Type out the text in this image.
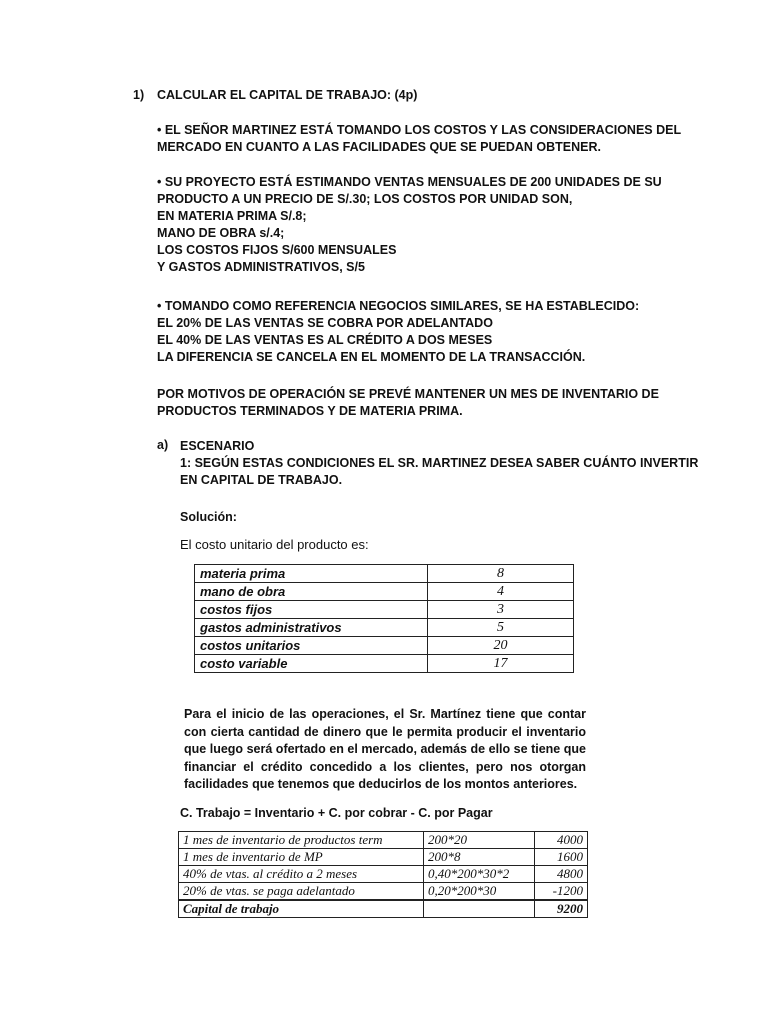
1) CALCULAR EL CAPITAL DE TRABAJO: (4p)
• EL SEÑOR MARTINEZ ESTÁ TOMANDO LOS COSTOS Y LAS CONSIDERACIONES DEL
MERCADO EN CUANTO A LAS FACILIDADES QUE SE PUEDAN OBTENER.
• SU PROYECTO ESTÁ ESTIMANDO VENTAS MENSUALES DE 200 UNIDADES DE SU
PRODUCTO A UN PRECIO DE S/.30; LOS COSTOS POR UNIDAD SON,
EN MATERIA PRIMA S/.8;
MANO DE OBRA s/.4;
LOS COSTOS FIJOS S/600 MENSUALES
Y GASTOS ADMINISTRATIVOS, S/5
• TOMANDO COMO REFERENCIA NEGOCIOS SIMILARES, SE HA ESTABLECIDO:
EL 20% DE LAS VENTAS SE COBRA POR ADELANTADO
EL 40% DE LAS VENTAS ES AL CRÉDITO A DOS MESES
LA DIFERENCIA SE CANCELA EN EL MOMENTO DE LA TRANSACCIÓN.
POR MOTIVOS DE OPERACIÓN SE PREVÉ MANTENER UN MES DE INVENTARIO DE
PRODUCTOS TERMINADOS Y DE MATERIA PRIMA.
a) ESCENARIO
1: SEGÚN ESTAS CONDICIONES EL SR. MARTINEZ DESEA SABER CUÁNTO INVERTIR
EN CAPITAL DE TRABAJO.
Solución:
El costo unitario del producto es:
materia prima	8
mano de obra	4
costos fijos	3
gastos administrativos	5
costos unitarios	20
costo variable	17
Para el inicio de las operaciones, el Sr. Martínez tiene que contar con cierta cantidad de dinero que le permita producir el inventario que luego será ofertado en el mercado, además de ello se tiene que financiar el crédito concedido a los clientes, pero nos otorgan facilidades que tenemos que deducirlos de los montos anteriores.
C. Trabajo = Inventario + C. por cobrar - C. por Pagar
1 mes de inventario de productos term	200*20	4000
1 mes de inventario de MP	200*8	1600
40% de vtas. al crédito a 2 meses	0,40*200*30*2	4800
20% de vtas. se paga adelantado	0,20*200*30	-1200
Capital de trabajo		9200
